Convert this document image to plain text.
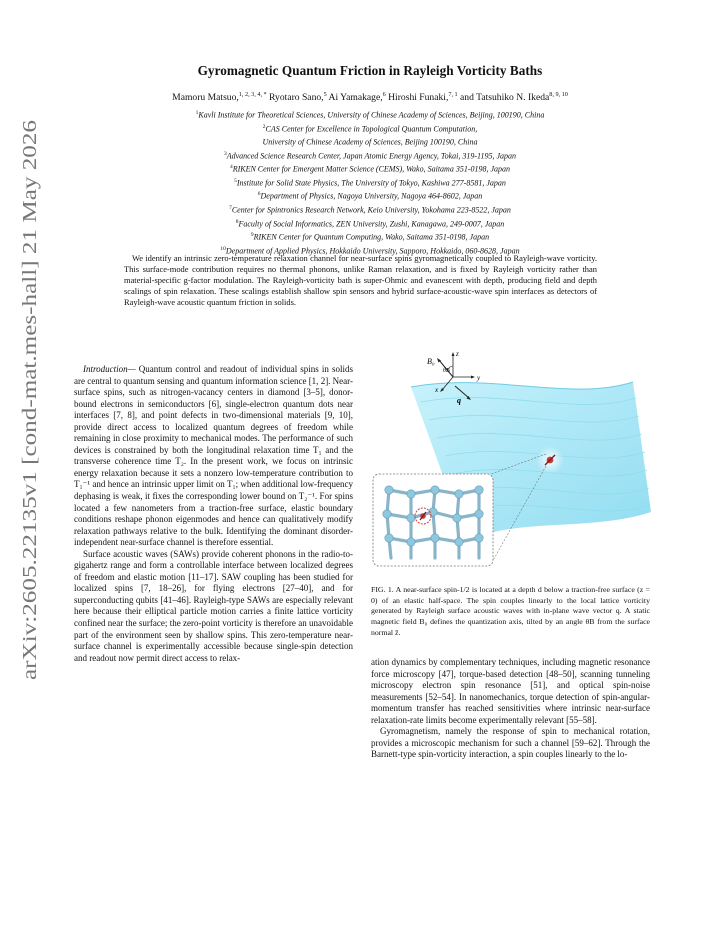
arXiv:2605.22135v1 [cond-mat.mes-hall] 21 May 2026
Gyromagnetic Quantum Friction in Rayleigh Vorticity Baths
Mamoru Matsuo,$^{1, 2, 3, 4, *}$ Ryotaro Sano,$^5$ Ai Yamakage,$^6$ Hiroshi Funaki,$^{7, 1}$ and Tatsuhiko N. Ikeda$^{8, 9, 10}$
$^1$Kavli Institute for Theoretical Sciences, University of Chinese Academy of Sciences, Beijing, 100190, China
$^2$CAS Center for Excellence in Topological Quantum Computation,
University of Chinese Academy of Sciences, Beijing 100190, China
$^3$Advanced Science Research Center, Japan Atomic Energy Agency, Tokai, 319-1195, Japan
$^4$RIKEN Center for Emergent Matter Science (CEMS), Wako, Saitama 351-0198, Japan
$^5$Institute for Solid State Physics, The University of Tokyo, Kashiwa 277-8581, Japan
$^6$Department of Physics, Nagoya University, Nagoya 464-8602, Japan
$^7$Center for Spintronics Research Network, Keio University, Yokohama 223-8522, Japan
$^8$Faculty of Social Informatics, ZEN University, Zushi, Kanagawa, 249-0007, Japan
$^9$RIKEN Center for Quantum Computing, Wako, Saitama 351-0198, Japan
$^{10}$Department of Applied Physics, Hokkaido University, Sapporo, Hokkaido, 060-8628, Japan
We identify an intrinsic zero-temperature relaxation channel for near-surface spins gyromagnetically coupled to Rayleigh-wave vorticity. This surface-mode contribution requires no thermal phonons, unlike Raman relaxation, and is fixed by Rayleigh vorticity rather than material-specific g-factor modulation. The Rayleigh-vorticity bath is super-Ohmic and evanescent with depth, producing field and depth scalings of spin relaxation. These scalings establish shallow spin sensors and hybrid surface-acoustic-wave spin interfaces as detectors of Rayleigh-wave acoustic quantum friction in solids.

Introduction— Quantum control and readout of individual spins in solids are central to quantum sensing and quantum information science [1, 2]. Near-surface spins, such as nitrogen-vacancy centers in diamond [3–5], donor-bound electrons in semiconductors [6], single-electron quantum dots near interfaces [7, 8], and point defects in two-dimensional materials [9, 10], provide direct access to localized quantum degrees of freedom while remaining in close proximity to mechanical modes. The performance of such devices is constrained by both the longitudinal relaxation time T₁ and the transverse coherence time T₂. In the present work, we focus on intrinsic energy relaxation because it sets a nonzero low-temperature contribution to T₁⁻¹ and hence an intrinsic upper limit on T₁; when additional low-frequency dephasing is weak, it fixes the corresponding lower bound on T₂⁻¹. For spins located a few nanometers from a traction-free surface, elastic boundary conditions reshape phonon eigenmodes and hence can qualitatively modify relaxation pathways relative to the bulk. Identifying the dominant disorder-independent near-surface channel is therefore essential.

Surface acoustic waves (SAWs) provide coherent phonons in the radio-to-gigahertz range and form a controllable interface between localized degrees of freedom and elastic motion [11–17]. SAW coupling has been studied for localized spins [7, 18–26], for flying electrons [27–40], and for superconducting qubits [41–46]. Rayleigh-type SAWs are especially relevant here because their elliptical particle motion carries a finite lattice vorticity confined near the surface; the zero-point vorticity is therefore an unavoidable part of the environment seen by shallow spins. This zero-temperature near-surface channel is experimentally accessible because single-spin detection and readout now permit direct access to relax-

B₀
θB
z
y
x
q
FIG. 1. A near-surface spin-1/2 is located at a depth d below a traction-free surface (z = 0) of an elastic half-space. The spin couples linearly to the local lattice vorticity generated by Rayleigh surface acoustic waves with in-plane wave vector q. A static magnetic field B₀ defines the quantization axis, tilted by an angle θB from the surface normal ẑ.

ation dynamics by complementary techniques, including magnetic resonance force microscopy [47], torque-based detection [48–50], scanning tunneling microscopy electron spin resonance [51], and optical spin-noise measurements [52–54]. In nanomechanics, torque detection of spin-angular-momentum transfer has reached sensitivities where intrinsic near-surface relaxation-rate limits become experimentally relevant [55–58].

Gyromagnetism, namely the response of spin to mechanical rotation, provides a microscopic mechanism for such a channel [59–62]. Through the Barnett-type spin-vorticity interaction, a spin couples linearly to the lo-
